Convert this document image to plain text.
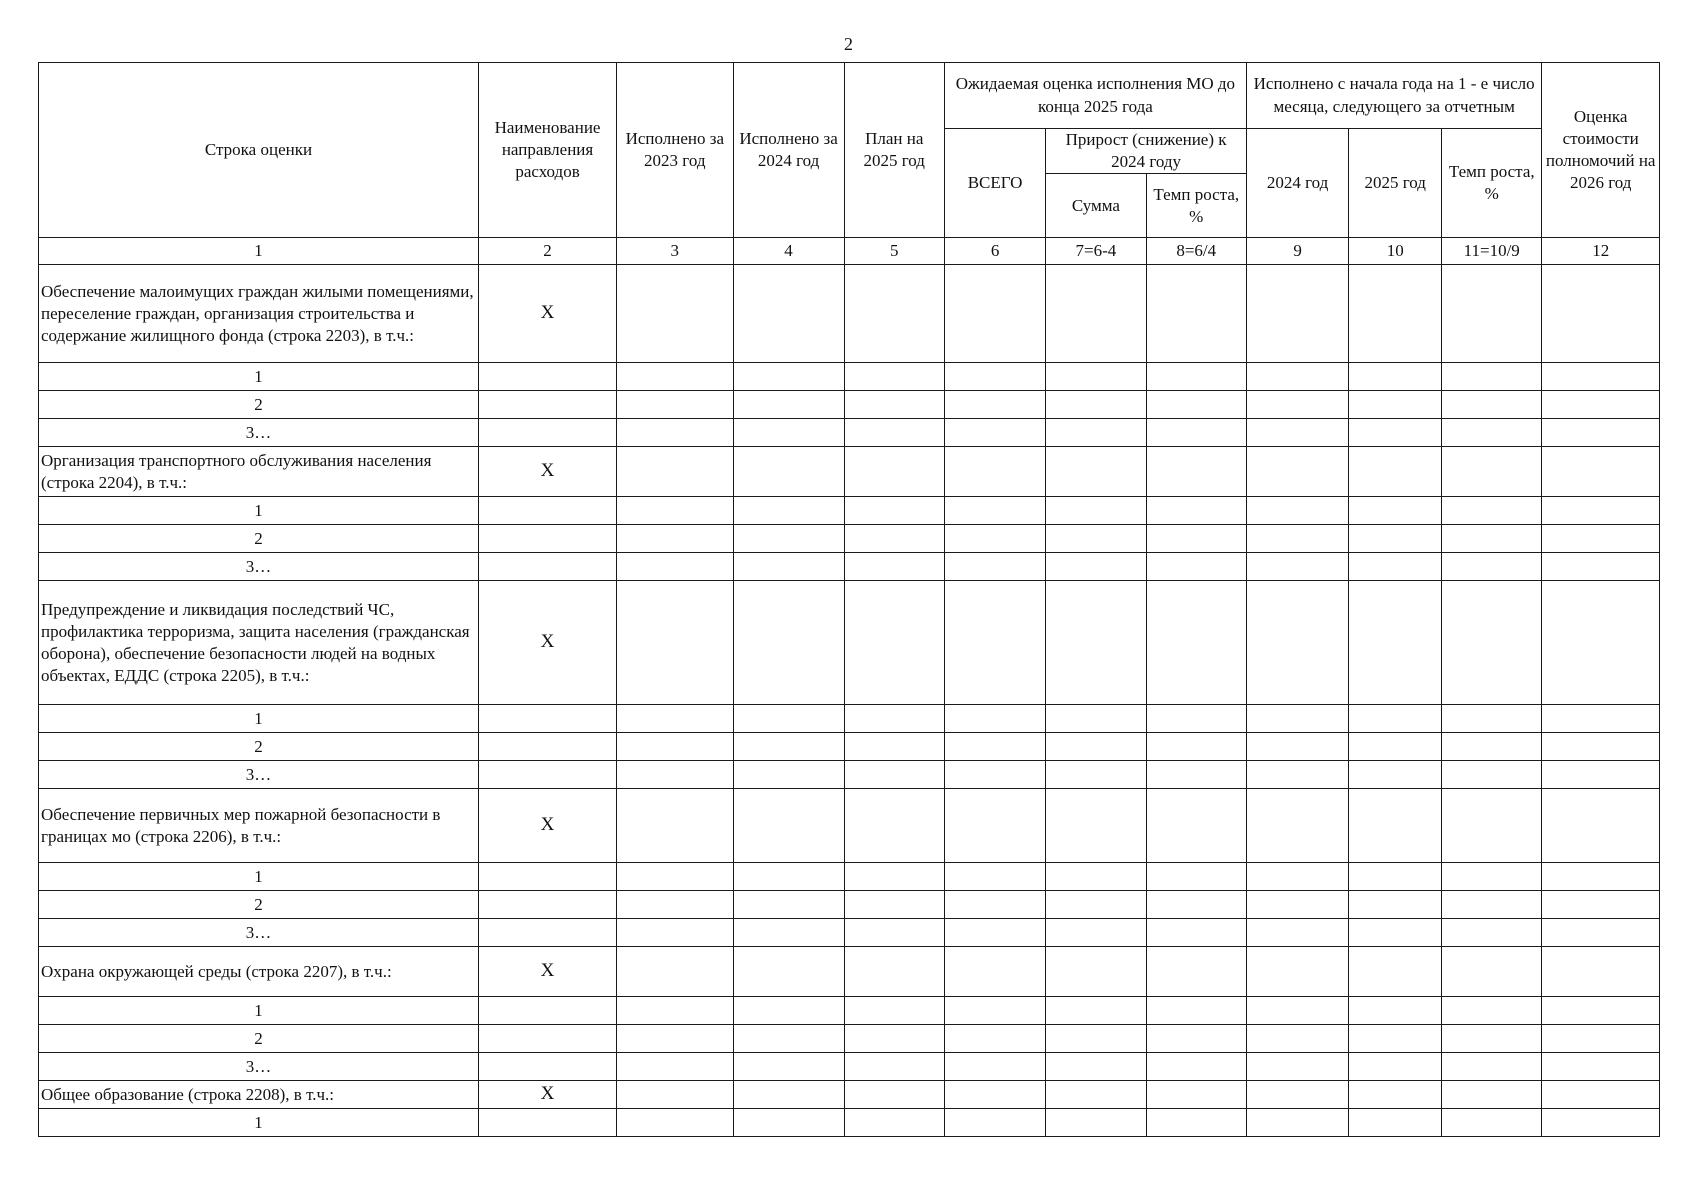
2
Строка оценки	Наименование направления расходов	Исполнено за 2023 год	Исполнено за 2024 год	План на 2025 год	Ожидаемая оценка исполнения МО до конца 2025 года			Исполнено с начала года на 1 - е число месяца, следующего за отчетным			Оценка стоимости полномочий на 2026 год
					ВСЕГО	Прирост (снижение) к 2024 году		2024 год	2025 год	Темп роста, %	
						Сумма	Темп роста, %				
1	2	3	4	5	6	7=6-4	8=6/4	9	10	11=10/9	12
Обеспечение малоимущих граждан жилыми помещениями, переселение граждан, организация строительства и содержание жилищного фонда (строка 2203), в т.ч.:	Х										
1											
2											
3…											
Организация транспортного обслуживания населения (строка 2204), в т.ч.:	Х										
1											
2											
3…											
Предупреждение и ликвидация последствий ЧС, профилактика терроризма, защита населения (гражданская оборона), обеспечение безопасности людей на водных объектах, ЕДДС (строка 2205), в т.ч.:	Х										
1											
2											
3…											
Обеспечение первичных мер пожарной безопасности в границах мо (строка 2206), в т.ч.:	Х										
1											
2											
3…											
Охрана окружающей среды (строка 2207), в т.ч.:	Х										
1											
2											
3…											
Общее образование (строка 2208), в т.ч.:	Х										
1											
